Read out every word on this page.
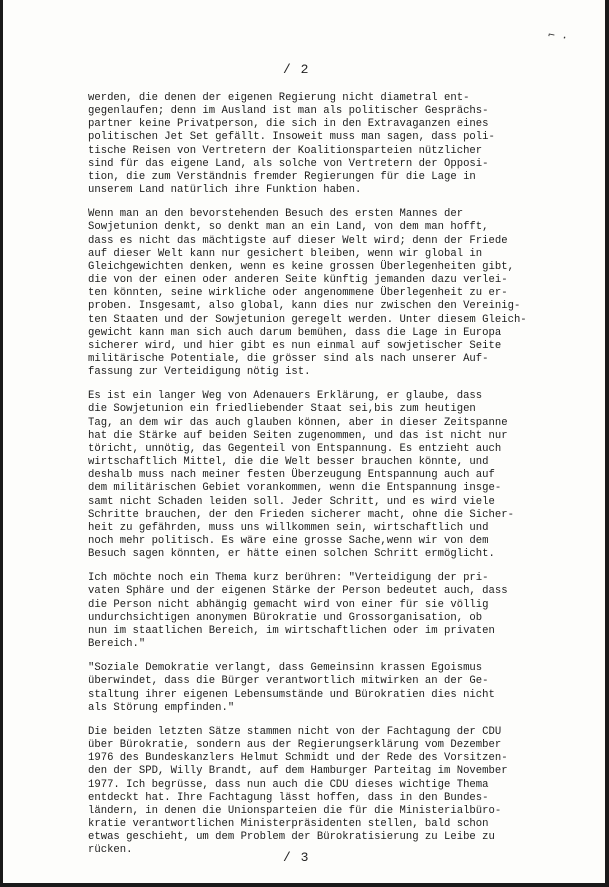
⌐ ·
/ 2

werden, die denen der eigenen Regierung nicht diametral ent-
gegenlaufen; denn im Ausland ist man als politischer Gesprächs-
partner keine Privatperson, die sich in den Extravaganzen eines
politischen Jet Set gefällt. Insoweit muss man sagen, dass poli-
tische Reisen von Vertretern der Koalitionsparteien nützlicher
sind für das eigene Land, als solche von Vertretern der Opposi-
tion, die zum Verständnis fremder Regierungen für die Lage in
unserem Land natürlich ihre Funktion haben.

Wenn man an den bevorstehenden Besuch des ersten Mannes der
Sowjetunion denkt, so denkt man an ein Land, von dem man hofft,
dass es nicht das mächtigste auf dieser Welt wird; denn der Friede
auf dieser Welt kann nur gesichert bleiben, wenn wir global in
Gleichgewichten denken, wenn es keine grossen Überlegenheiten gibt,
die von der einen oder anderen Seite künftig jemanden dazu verlei-
ten könnten, seine wirkliche oder angenommene Überlegenheit zu er-
proben. Insgesamt, also global, kann dies nur zwischen den Vereinig-
ten Staaten und der Sowjetunion geregelt werden. Unter diesem Gleich-
gewicht kann man sich auch darum bemühen, dass die Lage in Europa
sicherer wird, und hier gibt es nun einmal auf sowjetischer Seite
militärische Potentiale, die grösser sind als nach unserer Auf-
fassung zur Verteidigung nötig ist.

Es ist ein langer Weg von Adenauers Erklärung, er glaube, dass
die Sowjetunion ein friedliebender Staat sei,bis zum heutigen
Tag, an dem wir das auch glauben können, aber in dieser Zeitspanne
hat die Stärke auf beiden Seiten zugenommen, und das ist nicht nur
töricht, unnötig, das Gegenteil von Entspannung. Es entzieht auch
wirtschaftlich Mittel, die die Welt besser brauchen könnte, und
deshalb muss nach meiner festen Überzeugung Entspannung auch auf
dem militärischen Gebiet vorankommen, wenn die Entspannung insge-
samt nicht Schaden leiden soll. Jeder Schritt, und es wird viele
Schritte brauchen, der den Frieden sicherer macht, ohne die Sicher-
heit zu gefährden, muss uns willkommen sein, wirtschaftlich und
noch mehr politisch. Es wäre eine grosse Sache,wenn wir von dem
Besuch sagen könnten, er hätte einen solchen Schritt ermöglicht.

Ich möchte noch ein Thema kurz berühren: "Verteidigung der pri-
vaten Sphäre und der eigenen Stärke der Person bedeutet auch, dass
die Person nicht abhängig gemacht wird von einer für sie völlig
undurchsichtigen anonymen Bürokratie und Grossorganisation, ob
nun im staatlichen Bereich, im wirtschaftlichen oder im privaten
Bereich."

"Soziale Demokratie verlangt, dass Gemeinsinn krassen Egoismus
überwindet, dass die Bürger verantwortlich mitwirken an der Ge-
staltung ihrer eigenen Lebensumstände und Bürokratien dies nicht
als Störung empfinden."

Die beiden letzten Sätze stammen nicht von der Fachtagung der CDU
über Bürokratie, sondern aus der Regierungserklärung vom Dezember
1976 des Bundeskanzlers Helmut Schmidt und der Rede des Vorsitzen-
den der SPD, Willy Brandt, auf dem Hamburger Parteitag im November
1977. Ich begrüsse, dass nun auch die CDU dieses wichtige Thema
entdeckt hat. Ihre Fachtagung lässt hoffen, dass in den Bundes-
ländern, in denen die Unionsparteien die für die Ministerialbüro-
kratie verantwortlichen Ministerpräsidenten stellen, bald schon
etwas geschieht, um dem Problem der Bürokratisierung zu Leibe zu
rücken.	/ 3
